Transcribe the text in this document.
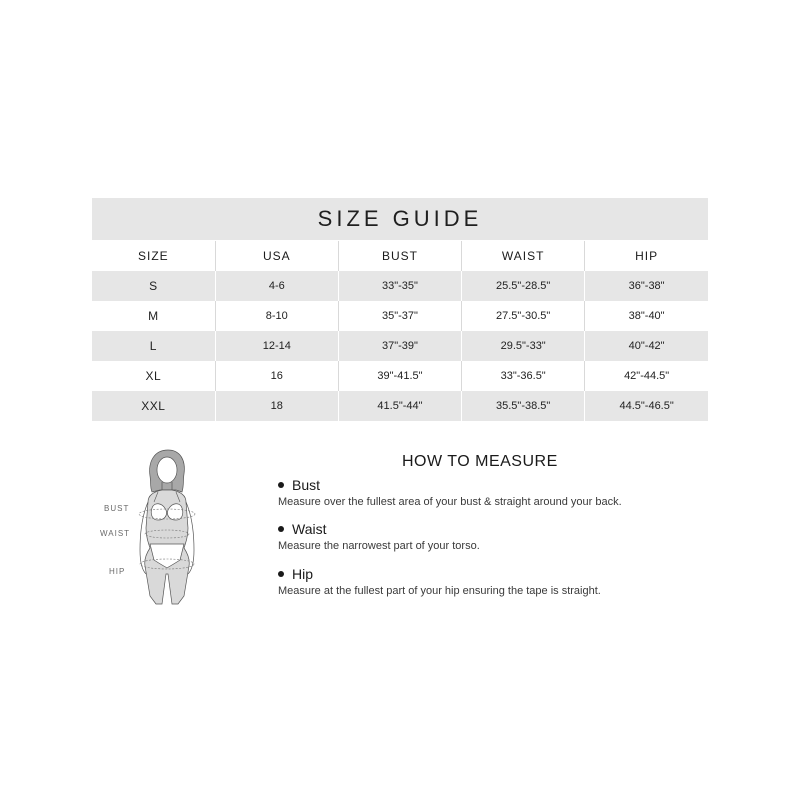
SIZE GUIDE
SIZE	USA	BUST	WAIST	HIP
S	4-6	33"-35"	25.5"-28.5"	36"-38"
M	8-10	35"-37"	27.5"-30.5"	38"-40"
L	12-14	37"-39"	29.5"-33"	40"-42"
XL	16	39"-41.5"	33"-36.5"	42"-44.5"
XXL	18	41.5"-44"	35.5"-38.5"	44.5"-46.5"
BUST
WAIST
HIP
HOW TO MEASURE
Bust
Measure over the fullest area of your bust & straight around your back.
Waist
Measure the narrowest part of your torso.
Hip
Measure at the fullest part of your hip ensuring the tape is straight.
